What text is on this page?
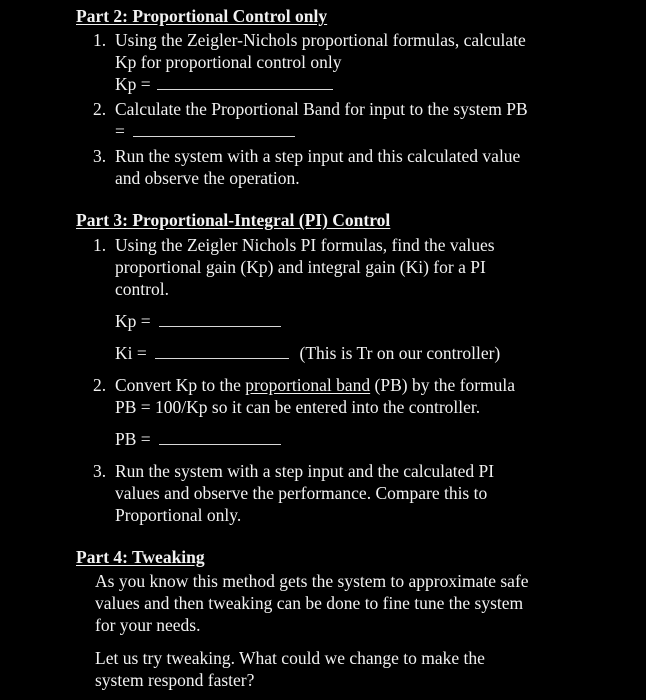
Part 2: Proportional Control only
1. Using the Zeigler-Nichols proportional formulas, calculate
Kp for proportional control only
Kp =
2. Calculate the Proportional Band for input to the system PB
=
3. Run the system with a step input and this calculated value
and observe the operation.
Part 3: Proportional-Integral (PI) Control
1. Using the Zeigler Nichols PI formulas, find the values
proportional gain (Kp) and integral gain (Ki) for a PI
control.
Kp =
Ki =	(This is Tr on our controller)
2. Convert Kp to the proportional band (PB) by the formula
PB = 100/Kp so it can be entered into the controller.
PB =
3. Run the system with a step input and the calculated PI
values and observe the performance. Compare this to
Proportional only.
Part 4: Tweaking
As you know this method gets the system to approximate safe
values and then tweaking can be done to fine tune the system
for your needs.
Let us try tweaking. What could we change to make the
system respond faster?
